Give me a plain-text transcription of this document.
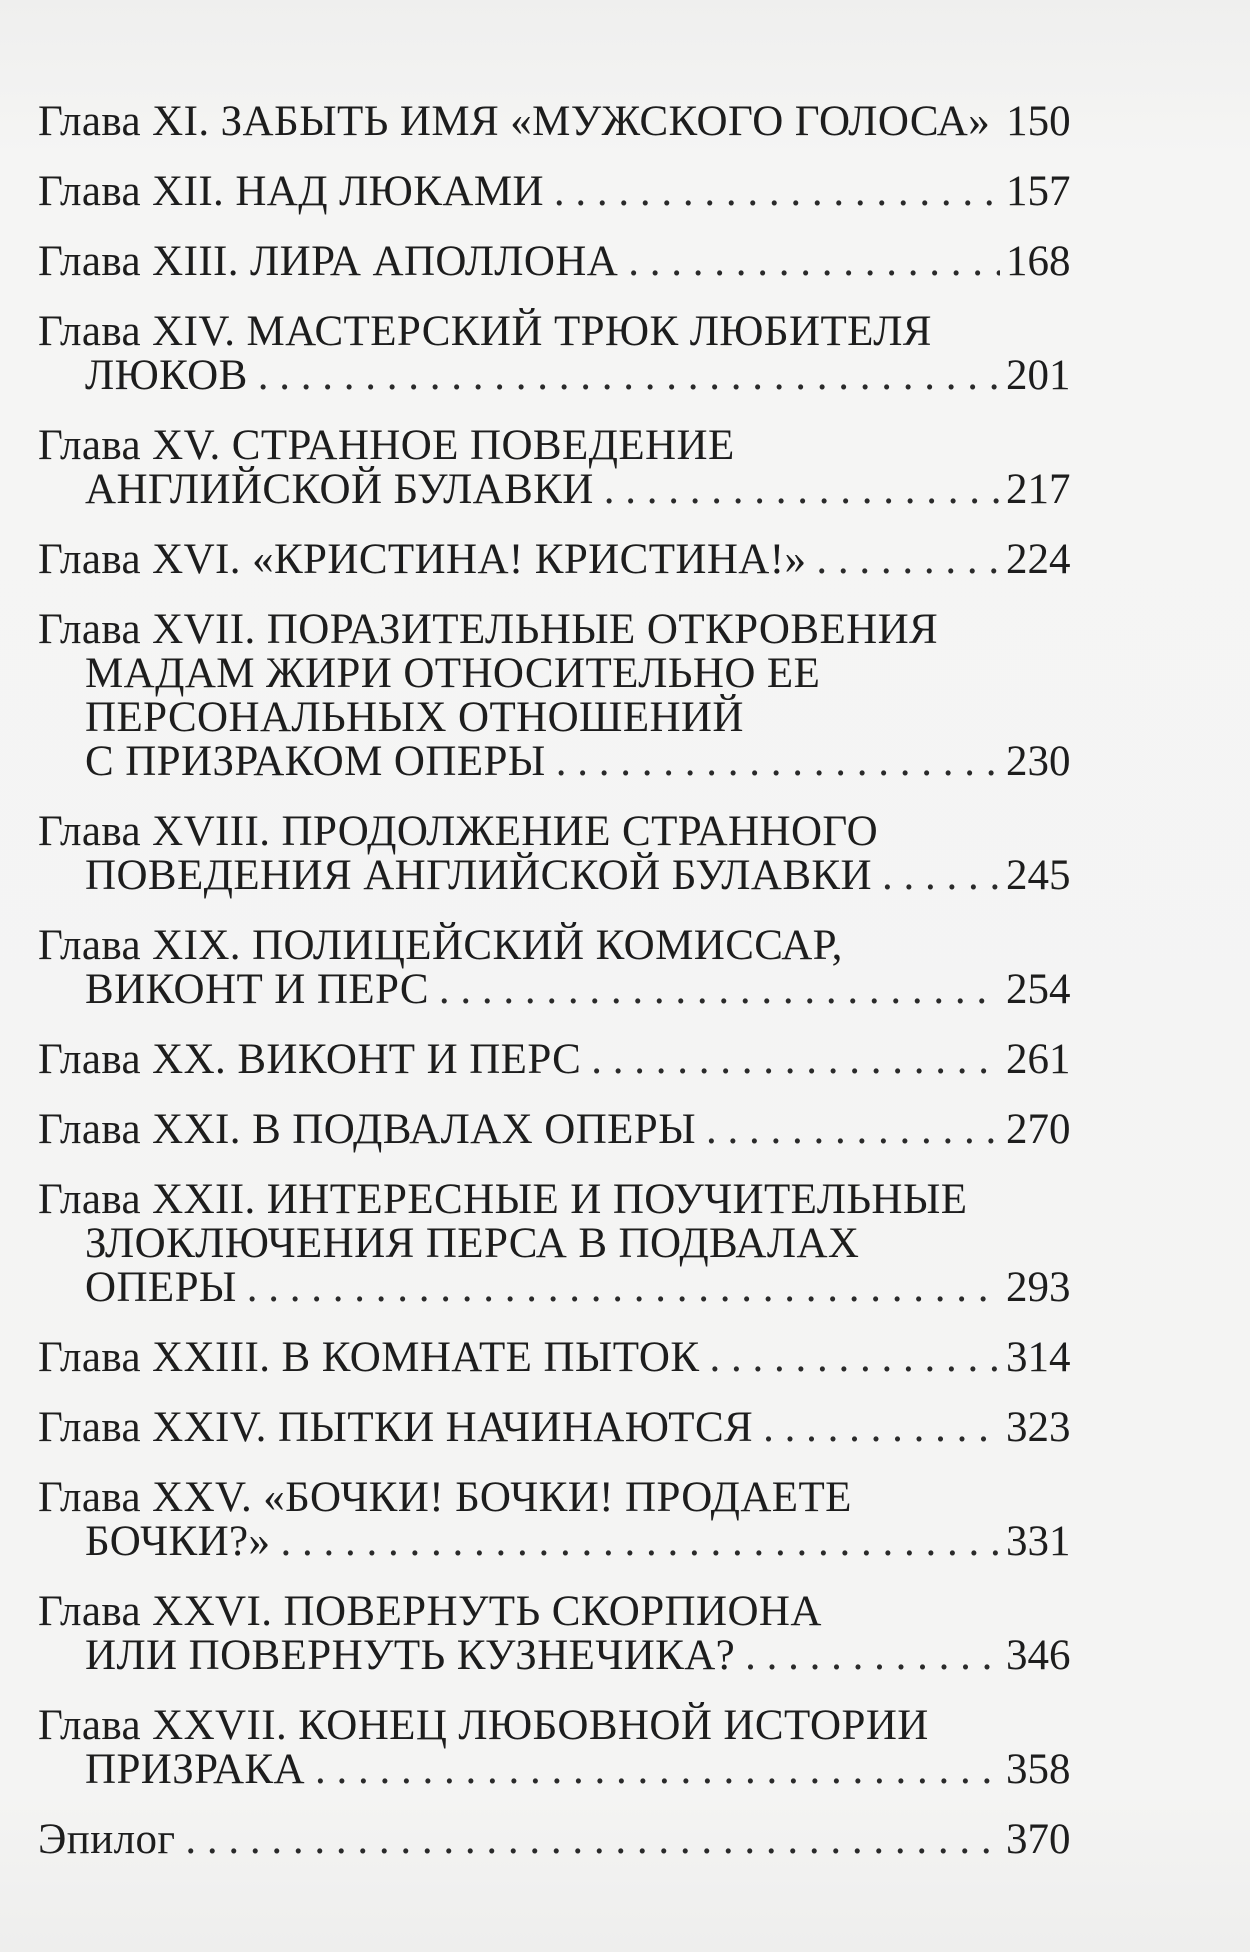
Глава XI. ЗАБЫТЬ ИМЯ «МУЖСКОГО ГОЛОСА» 150
Глава XII. НАД ЛЮКАМИ . . .	157
Глава XIII. ЛИРА АПОЛЛОНА . . .	168
Глава XIV. МАСТЕРСКИЙ ТРЮК ЛЮБИТЕЛЯ
ЛЮКОВ . . .	201
Глава XV. СТРАННОЕ ПОВЕДЕНИЕ
АНГЛИЙСКОЙ БУЛАВКИ . . .	217
Глава XVI. «КРИСТИНА! КРИСТИНА!» . . .	224
Глава XVII. ПОРАЗИТЕЛЬНЫЕ ОТКРОВЕНИЯ
МАДАМ ЖИРИ ОТНОСИТЕЛЬНО ЕЕ
ПЕРСОНАЛЬНЫХ ОТНОШЕНИЙ
С ПРИЗРАКОМ ОПЕРЫ . . .	230
Глава XVIII. ПРОДОЛЖЕНИЕ СТРАННОГО
ПОВЕДЕНИЯ АНГЛИЙСКОЙ БУЛАВКИ . . .	245
Глава XIX. ПОЛИЦЕЙСКИЙ КОМИССАР,
ВИКОНТ И ПЕРС . . .	254
Глава XX. ВИКОНТ И ПЕРС . . .	261
Глава XXI. В ПОДВАЛАХ ОПЕРЫ . . .	270
Глава XXII. ИНТЕРЕСНЫЕ И ПОУЧИТЕЛЬНЫЕ
ЗЛОКЛЮЧЕНИЯ ПЕРСА В ПОДВАЛАХ
ОПЕРЫ . . .	293
Глава XXIII. В КОМНАТЕ ПЫТОК . . .	314
Глава XXIV. ПЫТКИ НАЧИНАЮТСЯ . . .	323
Глава XXV. «БОЧКИ! БОЧКИ! ПРОДАЕТЕ
БОЧКИ?» . . .	331
Глава XXVI. ПОВЕРНУТЬ СКОРПИОНА
ИЛИ ПОВЕРНУТЬ КУЗНЕЧИКА? . . .	346
Глава XXVII. КОНЕЦ ЛЮБОВНОЙ ИСТОРИИ
ПРИЗРАКА . . .	358
Эпилог . . .	370
